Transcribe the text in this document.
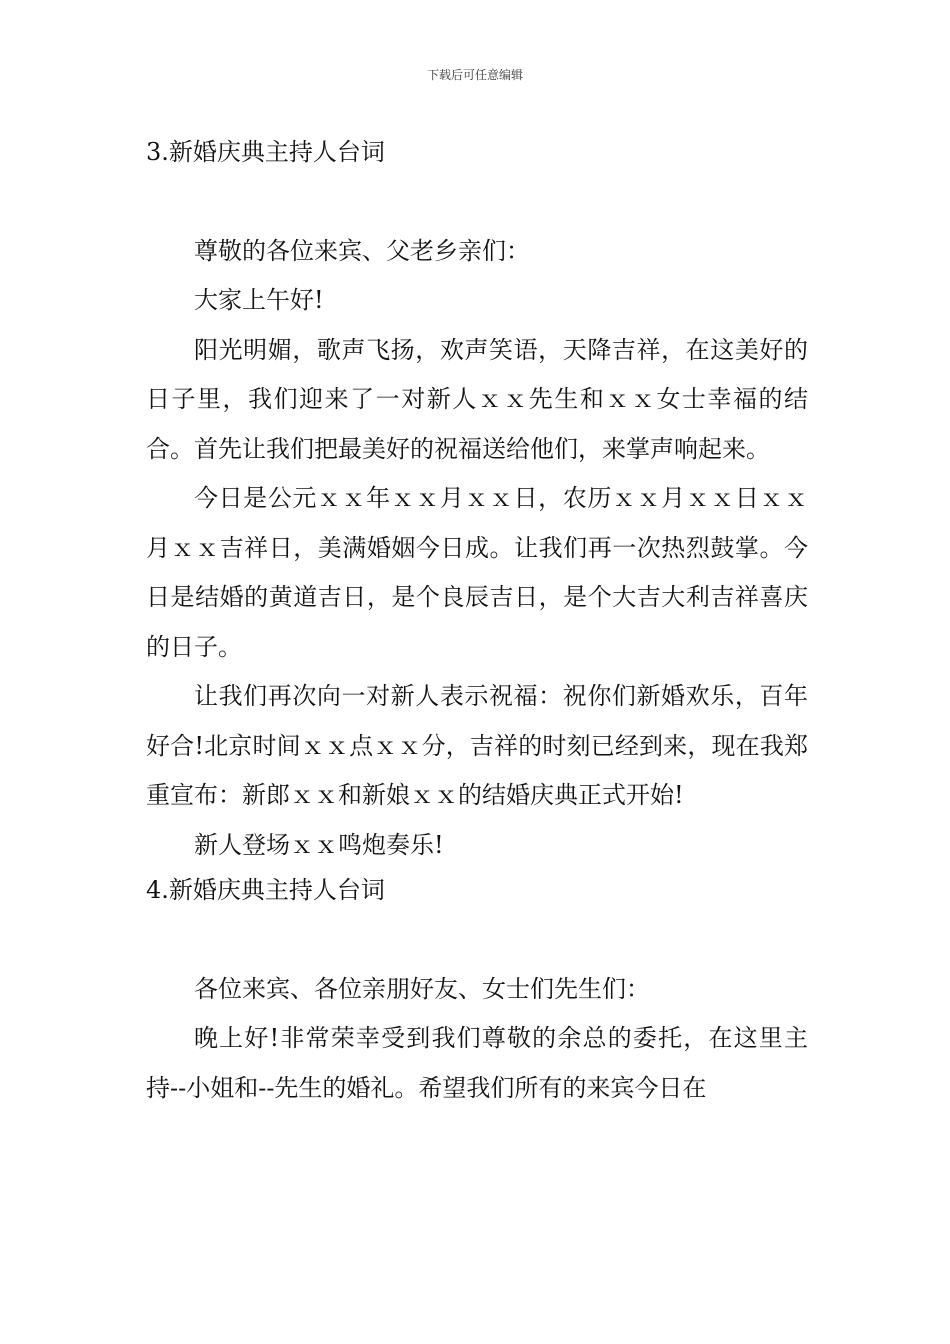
下载后可任意编辑
3.新婚庆典主持人台词

尊敬的各位来宾、父老乡亲们：

大家上午好!

阳光明媚，歌声飞扬，欢声笑语，天降吉祥，在这美好的日子里，我们迎来了一对新人ｘｘ先生和ｘｘ女士幸福的结合。首先让我们把最美好的祝福送给他们，来掌声响起来。

今日是公元ｘｘ年ｘｘ月ｘｘ日，农历ｘｘ月ｘｘ日ｘｘ月ｘｘ吉祥日，美满婚姻今日成。让我们再一次热烈鼓掌。今日是结婚的黄道吉日，是个良辰吉日，是个大吉大利吉祥喜庆的日子。

让我们再次向一对新人表示祝福：祝你们新婚欢乐，百年好合!北京时间ｘｘ点ｘｘ分，吉祥的时刻已经到来，现在我郑重宣布：新郎ｘｘ和新娘ｘｘ的结婚庆典正式开始!

新人登场ｘｘ鸣炮奏乐!

4.新婚庆典主持人台词

各位来宾、各位亲朋好友、女士们先生们：

晚上好!非常荣幸受到我们尊敬的余总的委托，在这里主持--小姐和--先生的婚礼。希望我们所有的来宾今日在
